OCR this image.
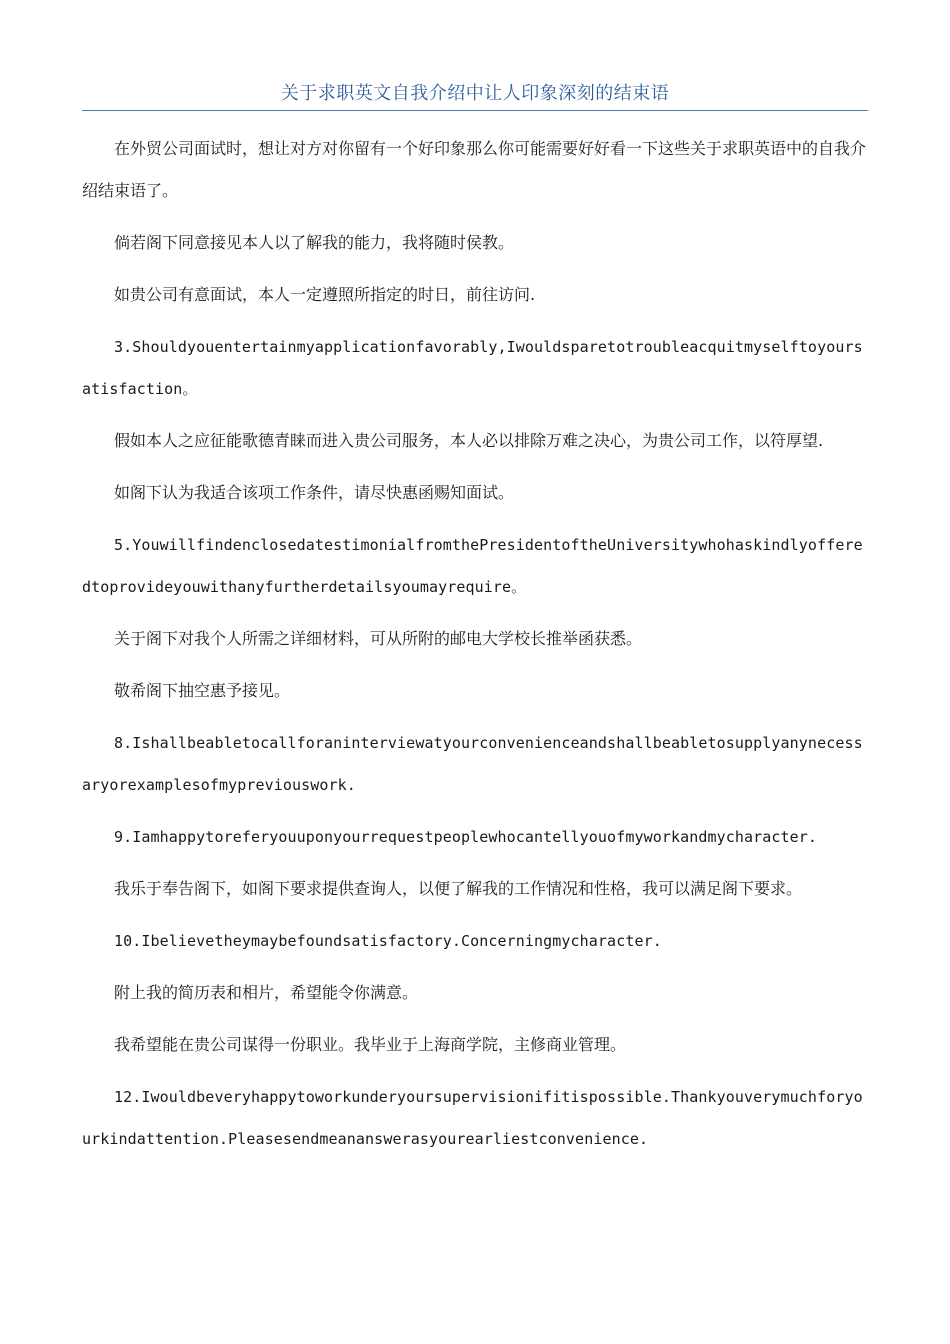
关于求职英文自我介绍中让人印象深刻的结束语

在外贸公司面试时，想让对方对你留有一个好印象那么你可能需要好好看一下这些关于求职英语中的自我介绍结束语了。

倘若阁下同意接见本人以了解我的能力，我将随时侯教。

如贵公司有意面试，本人一定遵照所指定的时日，前往访问.

3.Shouldyouentertainmyapplicationfavorably,Iwouldsparetotroubleacquitmyselftoyoursatisfaction。

假如本人之应征能歌德青睐而进入贵公司服务，本人必以排除万难之决心，为贵公司工作，以符厚望.

如阁下认为我适合该项工作条件，请尽快惠函赐知面试。

5.YouwillfindenclosedatestimonialfromthePresidentoftheUniversitywhohaskindlyofferedtoprovideyouwithanyfurtherdetailsyoumayrequire。

关于阁下对我个人所需之详细材料，可从所附的邮电大学校长推举函获悉。

敬希阁下抽空惠予接见。

8.Ishallbeabletocallforaninterviewatyourconvenienceandshallbeabletosupplyanynecessaryorexamplesofmypreviouswork.

9.Iamhappytoreferyouuponyourrequestpeoplewhocantellyouofmyworkandmycharacter.

我乐于奉告阁下，如阁下要求提供查询人，以便了解我的工作情况和性格，我可以满足阁下要求。

10.Ibelievetheymaybefoundsatisfactory.Concerningmycharacter.

附上我的简历表和相片，希望能令你满意。

我希望能在贵公司谋得一份职业。我毕业于上海商学院，主修商业管理。

12.Iwouldbeveryhappytoworkunderyoursupervisionifitispossible.Thankyouverymuchforyourkindattention.Pleasesendmeananswerasyourearliestconvenience.
